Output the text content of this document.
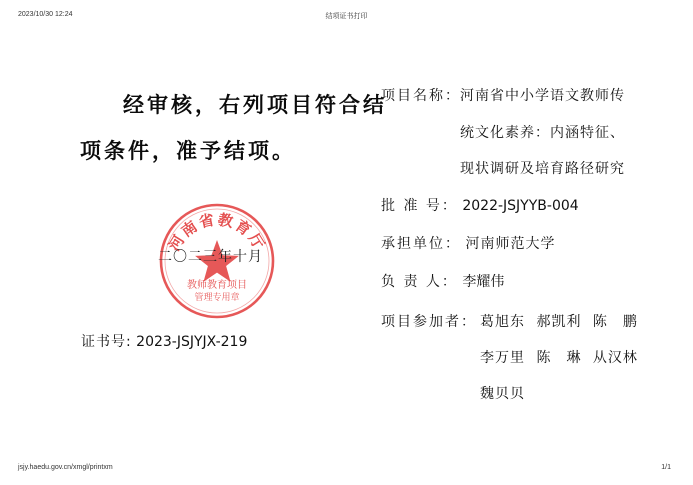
2023/10/30 12:24	结项证书打印
jsjy.haedu.gov.cn/xmgl/printxm	1/1
经审核，右列项目符合结
项条件，准予结项。
河南省教育厅
教师教育项目
管理专用章
二〇二三年十月
证书号: 2023-JSJYJX-219
项目名称： 河南省中小学语文教师传
统文化素养：内涵特征、
现状调研及培育路径研究
批 准 号： 2022-JSJYYB-004
承担单位： 河南师范大学
负 责 人： 李耀伟
项目参加者： 葛旭东 郝凯利 陈　鹏
李万里 陈　琳 从汉林
魏贝贝
